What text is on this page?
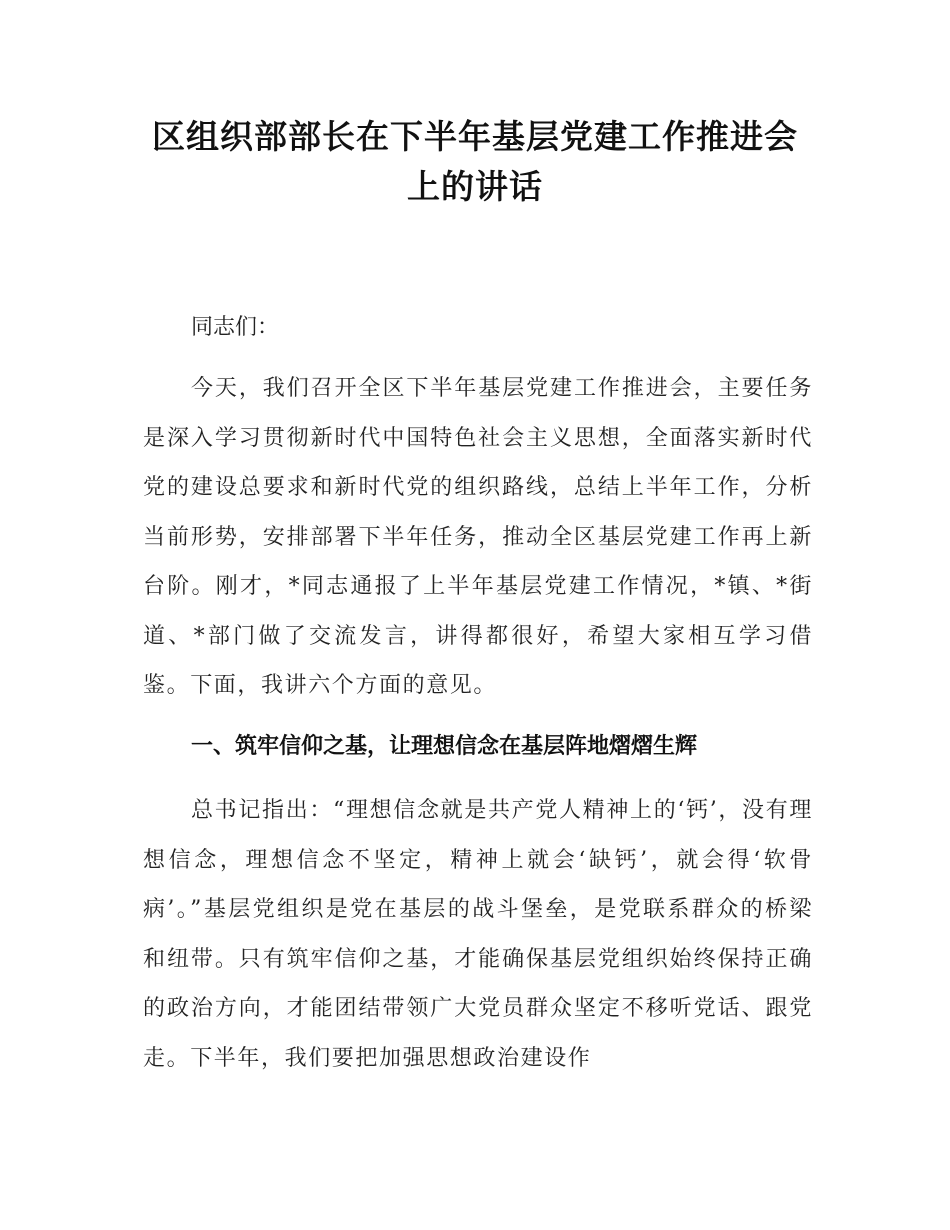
区组织部部长在下半年基层党建工作推进会
上的讲话

同志们：

今天，我们召开全区下半年基层党建工作推进会，主要任务是深入学习贯彻新时代中国特色社会主义思想，全面落实新时代党的建设总要求和新时代党的组织路线，总结上半年工作，分析当前形势，安排部署下半年任务，推动全区基层党建工作再上新台阶。刚才，*同志通报了上半年基层党建工作情况，*镇、*街道、*部门做了交流发言，讲得都很好，希望大家相互学习借鉴。下面，我讲六个方面的意见。

一、筑牢信仰之基，让理想信念在基层阵地熠熠生辉

总书记指出：“理想信念就是共产党人精神上的‘钙’，没有理想信念，理想信念不坚定，精神上就会‘缺钙’，就会得‘软骨病’。”基层党组织是党在基层的战斗堡垒，是党联系群众的桥梁和纽带。只有筑牢信仰之基，才能确保基层党组织始终保持正确的政治方向，才能团结带领广大党员群众坚定不移听党话、跟党走。下半年，我们要把加强思想政治建设作
